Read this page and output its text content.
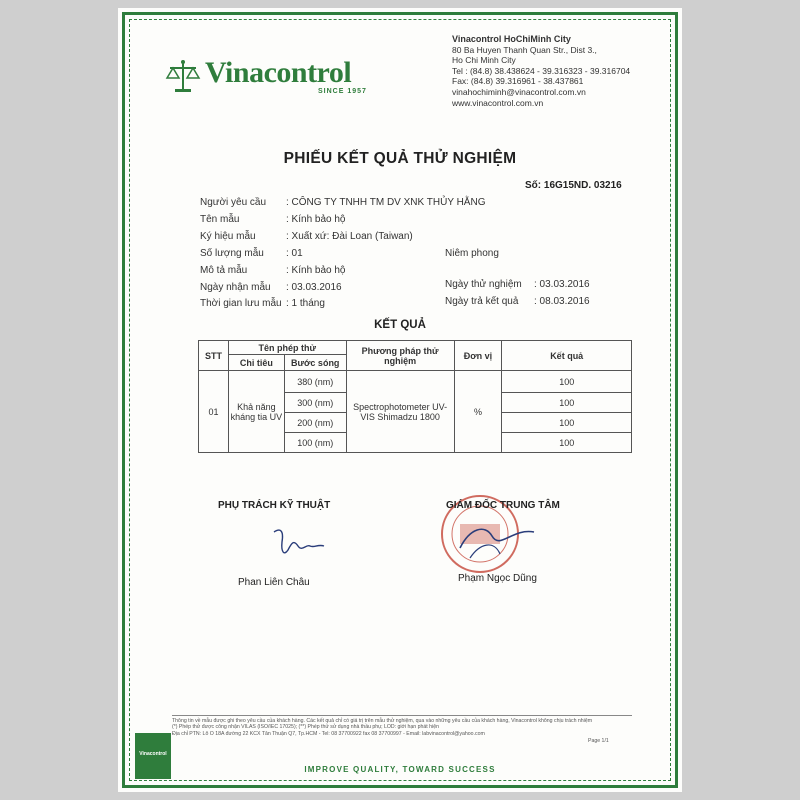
Vinacontrol
SINCE 1957
Vinacontrol HoChiMinh City
80 Ba Huyen Thanh Quan Str., Dist 3.,
Ho Chi Minh City
Tel : (84.8) 38.438624 - 39.316323 - 39.316704
Fax: (84.8) 39.316961 - 38.437861
vinahochiminh@vinacontrol.com.vn
www.vinacontrol.com.vn
PHIẾU KẾT QUẢ THỬ NGHIỆM
Số: 16G15ND. 03216
Người yêu cầu : CÔNG TY TNHH TM DV XNK THỦY HẰNG
Tên mẫu	: Kính bảo hộ
Ký hiệu mẫu	: Xuất xứ: Đài Loan (Taiwan)
Số lượng mẫu : 01	Niêm phong
Mô tả mẫu	: Kính bảo hộ
Ngày nhận mẫu : 03.03.2016	Ngày thử nghiệm : 03.03.2016
Thời gian lưu mẫu : 1 tháng	Ngày trả kết quả : 08.03.2016
KẾT QUẢ
STT	Tên phép thử		Phương pháp thử nghiệm	Đơn vị	Kết quả
	Chỉ tiêu	Bước sóng			
01	Khả năng kháng tia UV	380 (nm)	Spectrophotometer UV-VIS Shimadzu 1800	%	100
		300 (nm)			100
		200 (nm)			100
		100 (nm)			100
PHỤ TRÁCH KỸ THUẬT
Phan Liên Châu
GIÁM ĐỐC TRUNG TÂM
Phạm Ngọc Dũng
Thông tin về mẫu được ghi theo yêu cầu của khách hàng. Các kết quả chỉ có giá trị trên mẫu thử nghiệm, qua vào những yêu cầu của khách hàng, Vinacontrol không chịu trách nhiệm
(*) Phép thử được công nhận VILAS (ISO/IEC 17025); (**) Phép thử sử dụng nhà thầu phụ; LOD: giới hạn phát hiện
Địa chỉ PTN: Lô O 18A đường 22 KCX Tân Thuận Q7, Tp.HCM - Tel: 08 37700922 fax 08 37700997 - Email: labvinacontrol@yahoo.com
Page 1/1
Vinacontrol
IMPROVE QUALITY, TOWARD SUCCESS
